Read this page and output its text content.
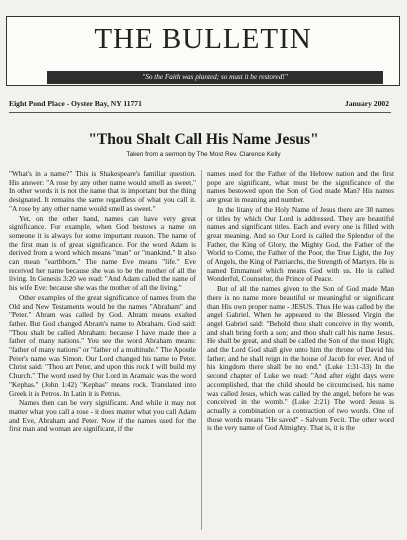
THE BULLETIN
"So the Faith was planted; so must it be restored!"
Eight Pond Place - Oyster Bay, NY 11771	January 2002
"Thou Shalt Call His Name Jesus"
Taken from a sermon by The Most Rev. Clarence Kelly

"What's in a name?" This is Shakespeare's familiar question. His answer: "A rose by any other name would smell as sweet." In other words it is not the name that is important but the thing designated. It remains the same regardless of what you call it. "A rose by any other name would smell as sweet."

Yet, on the other hand, names can have very great significance. For example, when God bestows a name on someone it is always for some important reason. The name of the first man is of great significance. For the word Adam is derived from a word which means "man" or "mankind." It also can mean "earthborn." The name Eve means "life." Eve received her name because she was to be the mother of all the living. In Genesis 3:20 we read: "And Adam called the name of his wife Eve: because she was the mother of all the living."

Other examples of the great significance of names from the Old and New Testaments would be the names "Abraham" and "Peter." Abram was called by God. Abram means exalted father. But God changed Abram's name to Abraham. God said: "Thou shalt be called Abraham: because I have made thee a father of many nations." You see the word Abraham means: "father of many nations" or "father of a multitude." The Apostle Peter's name was Simon. Our Lord changed his name to Peter. Christ said: "Thou art Peter, and upon this rock I will build my Church." The word used by Our Lord in Aramaic was the word "Kephas." (John 1:42) "Kephas" means rock. Translated into Greek it is Petros. In Latin it is Petrus.

Names then can be very significant. And while it may not matter what you call a rose - it does matter what you call Adam and Eve, Abraham and Peter. Now if the names used for the first man and woman are significant, if the

names used for the Father of the Hebrew nation and the first pope are significant, what must be the significance of the names bestowed upon the Son of God made Man? His names are great in meaning and number.

In the litany of the Holy Name of Jesus there are 38 names or titles by which Our Lord is addressed. They are beautiful names and significant titles. Each and every one is filled with great meaning. And so Our Lord is called the Splendor of the Father, the King of Glory, the Mighty God, the Father of the World to Come, the Father of the Poor, the True Light, the Joy of Angels, the King of Patriarchs, the Strength of Martyrs. He is named Emmanuel which means God with us. He is called Wonderful, Counselor, the Prince of Peace.

But of all the names given to the Son of God made Man there is no name more beautiful or meaningful or significant than His own proper name - JESUS. Thus He was called by the angel Gabriel. When he appeared to the Blessed Virgin the angel Gabriel said: "Behold thou shalt conceive in thy womb, and shalt bring forth a son; and thou shalt call his name Jesus. He shall be great, and shall be called the Son of the most High; and the Lord God shall give unto him the throne of David his father; and he shall reign in the house of Jacob for ever. And of his kingdom there shall be no end." (Luke 1:31-33) In the second chapter of Luke we read: "And after eight days were accomplished, that the child should be circumcised, his name was called Jesus, which was called by the angel, before he was conceived in the womb." (Luke 2:21) The word Jesus is actually a combination or a contraction of two words. One of those words means "He saved" - Salvum Fecit. The other word is the very name of God Almighty. That is, it is the
